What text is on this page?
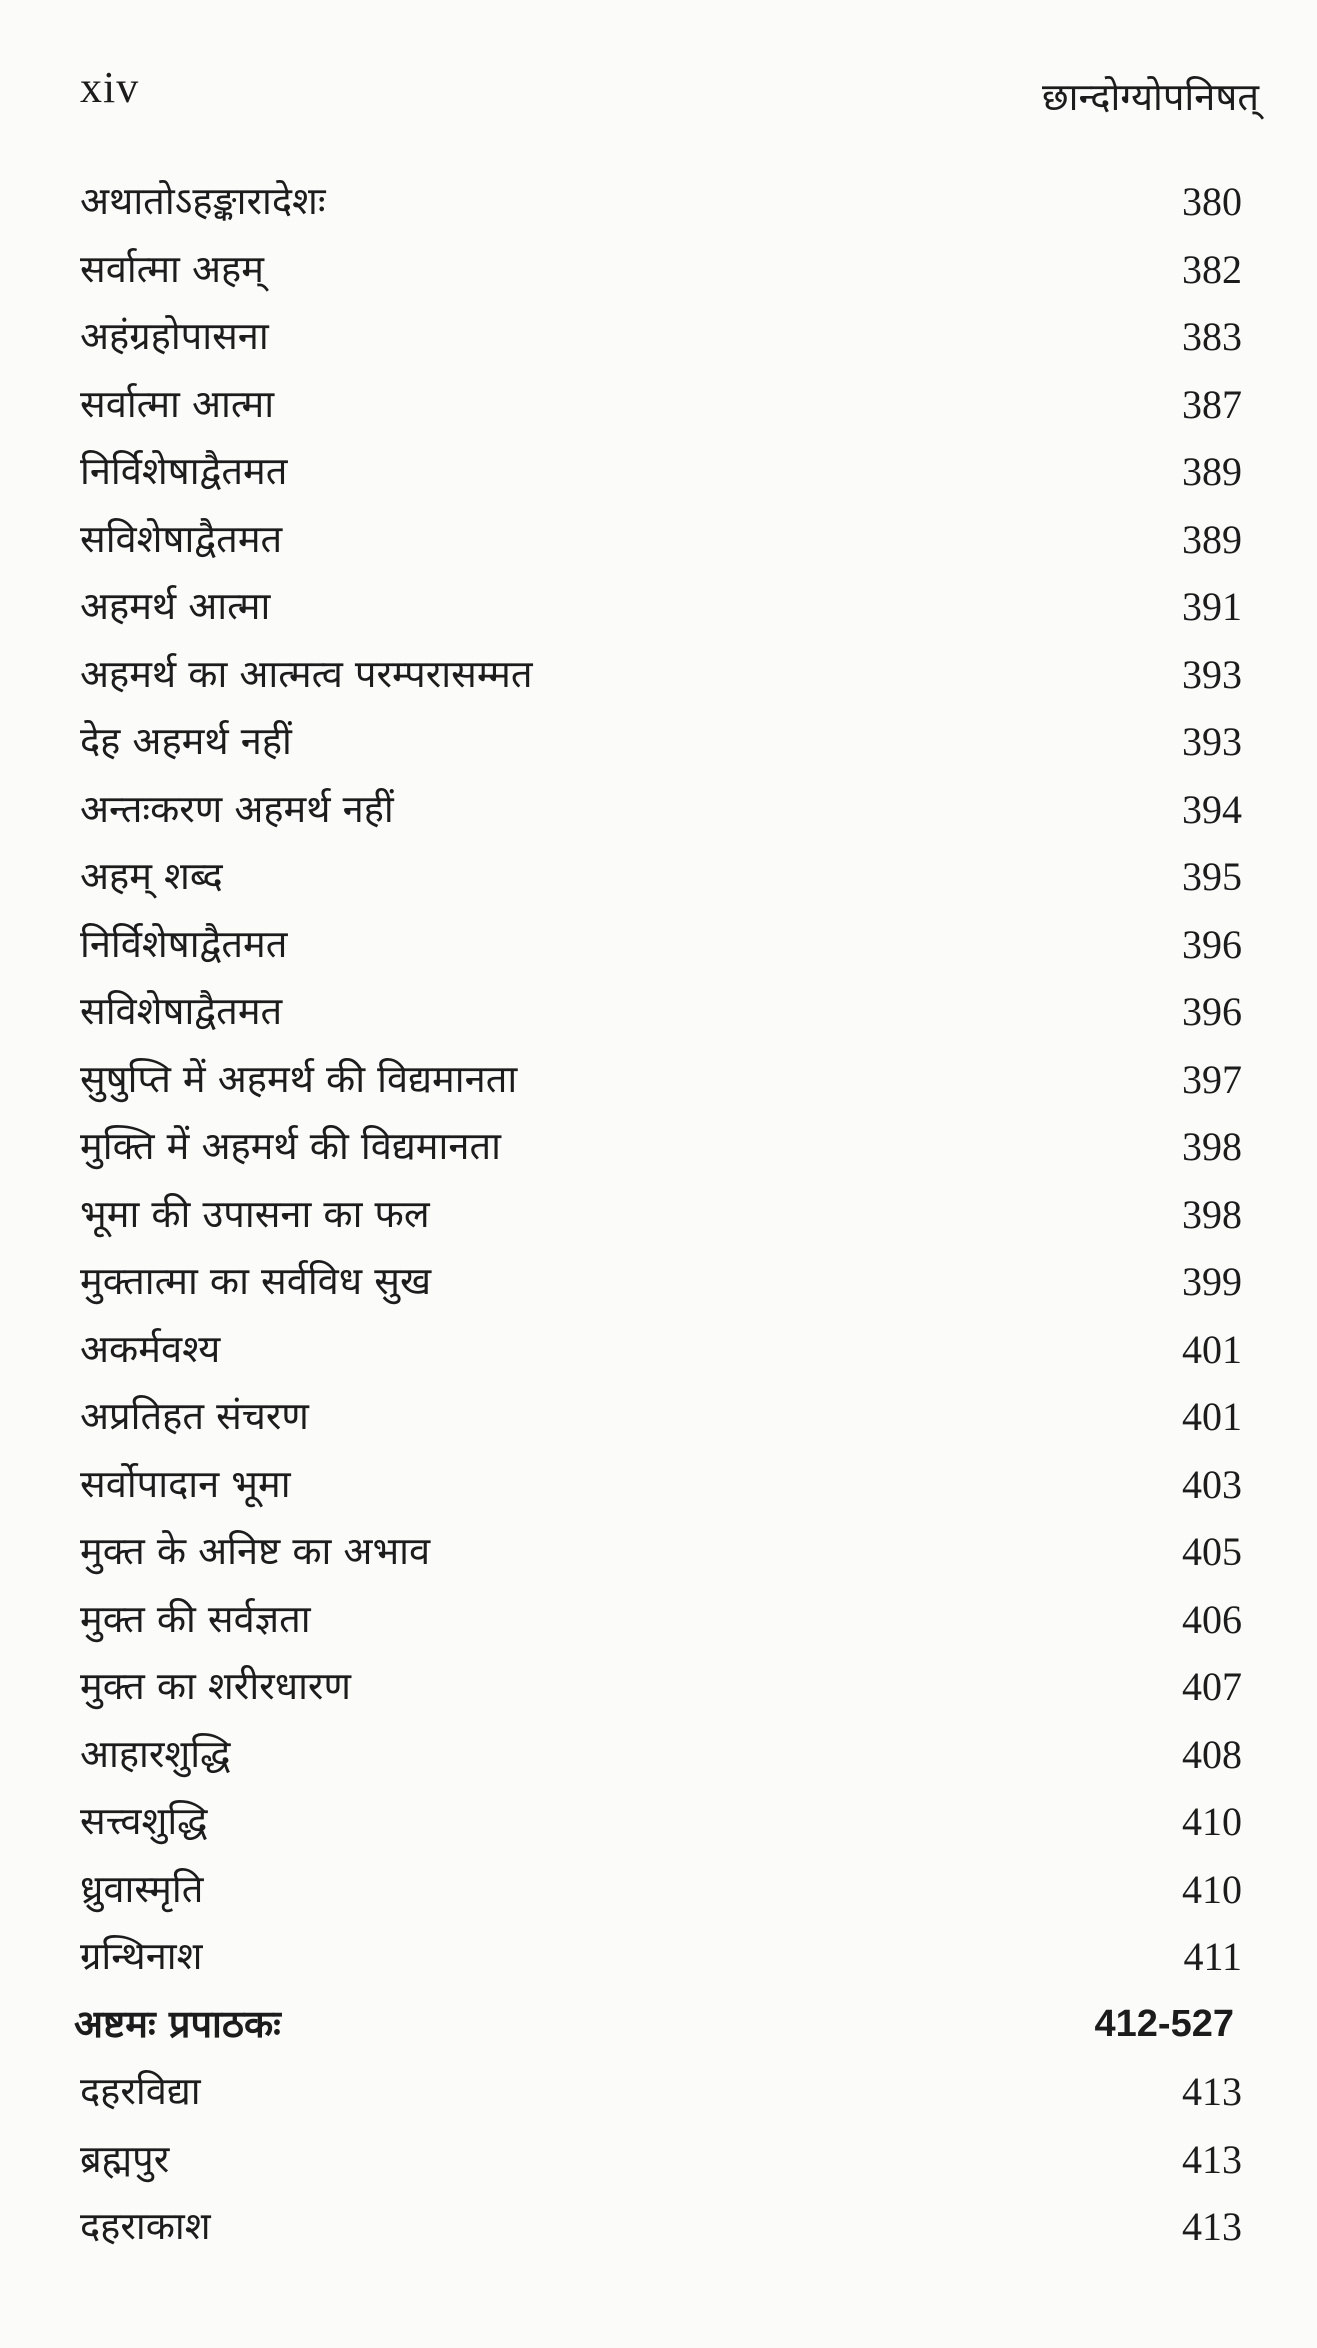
xiv	छान्दोग्योपनिषत्
अथातोऽहङ्कारादेशः	380
सर्वात्मा अहम्	382
अहंग्रहोपासना	383
सर्वात्मा आत्मा	387
निर्विशेषाद्वैतमत	389
सविशेषाद्वैतमत	389
अहमर्थ आत्मा	391
अहमर्थ का आत्मत्व परम्परासम्मत	393
देह अहमर्थ नहीं	393
अन्तःकरण अहमर्थ नहीं	394
अहम् शब्द	395
निर्विशेषाद्वैतमत	396
सविशेषाद्वैतमत	396
सुषुप्ति में अहमर्थ की विद्यमानता	397
मुक्ति में अहमर्थ की विद्यमानता	398
भूमा की उपासना का फल	398
मुक्तात्मा का सर्वविध सुख	399
अकर्मवश्य	401
अप्रतिहत संचरण	401
सर्वोपादान भूमा	403
मुक्त के अनिष्ट का अभाव	405
मुक्त की सर्वज्ञता	406
मुक्त का शरीरधारण	407
आहारशुद्धि	408
सत्त्वशुद्धि	410
ध्रुवास्मृति	410
ग्रन्थिनाश	411
अष्टमः प्रपाठकः	412-527
दहरविद्या	413
ब्रह्मपुर	413
दहराकाश	413
